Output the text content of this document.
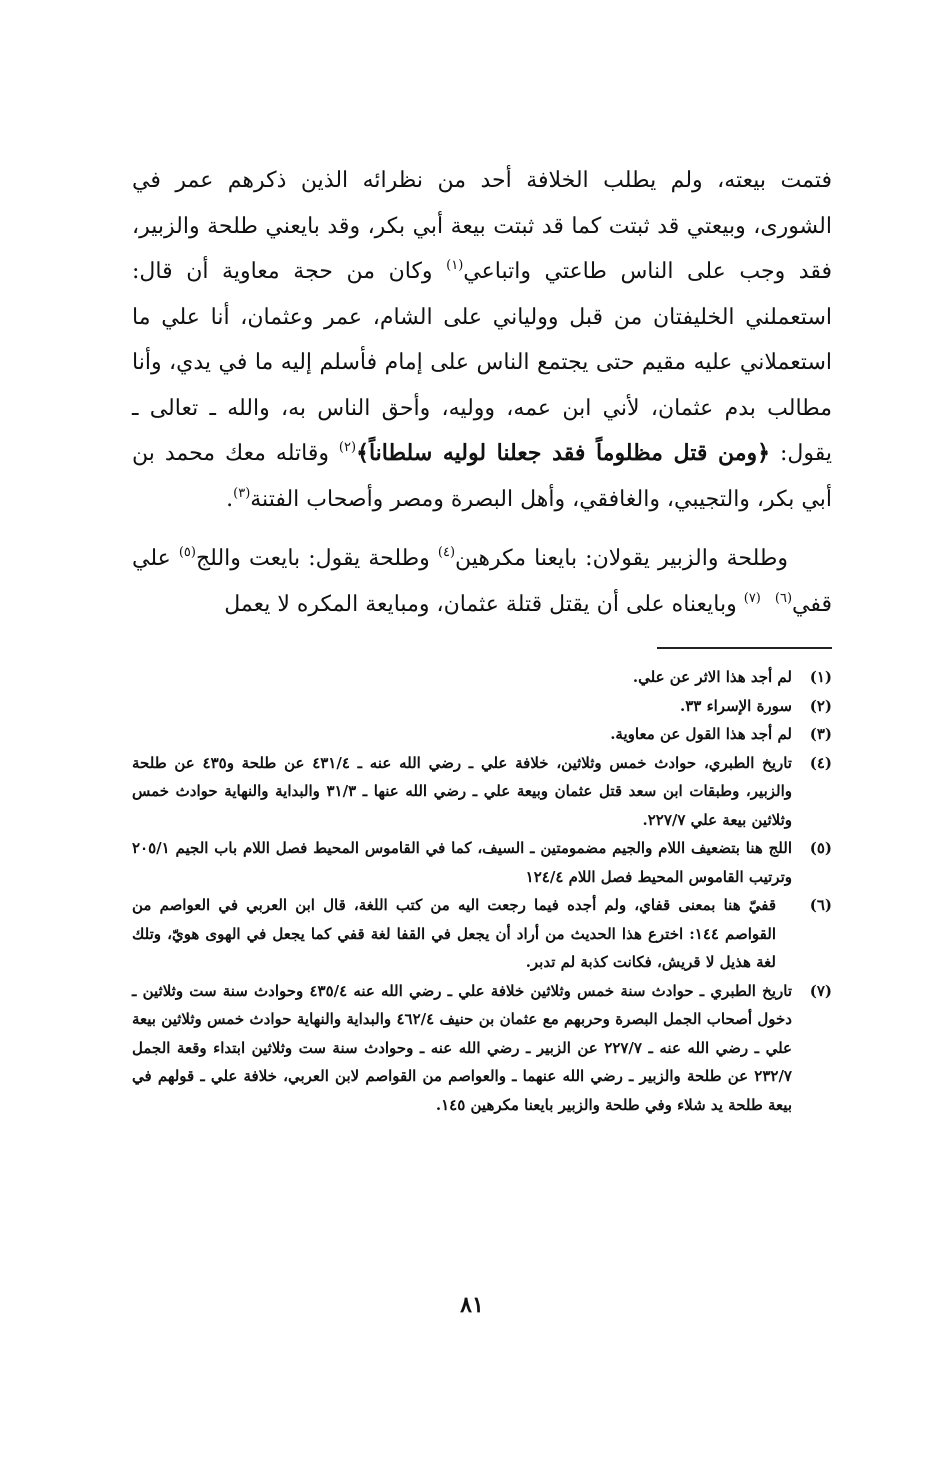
فتمت بيعته، ولم يطلب الخلافة أحد من نظرائه الذين ذكرهم عمر في الشورى، وبيعتي قد ثبتت كما قد ثبتت بيعة أبي بكر، وقد بايعني طلحة والزبير، فقد وجب على الناس طاعتي واتباعي$^{(١)}$ وكان من حجة معاوية أن قال: استعملني الخليفتان من قبل وولياني على الشام، عمر وعثمان، أنا علي ما استعملاني عليه مقيم حتى يجتمع الناس على إمام فأسلم إليه ما في يدي، وأنا مطالب بدم عثمان، لأني ابن عمه، ووليه، وأحق الناس به، والله ـ تعالى ـ يقول: ﴿ومن قتل مظلوماً فقد جعلنا لوليه سلطاناً﴾$^{(٢)}$ وقاتله معك محمد بن أبي بكر، والتجيبي، والغافقي، وأهل البصرة ومصر وأصحاب الفتنة$^{(٣)}$.

وطلحة والزبير يقولان: بايعنا مكرهين$^{(٤)}$ وطلحة يقول: بايعت واللج$^{(٥)}$ علي قفي$^{(٦)}$  $^{(٧)}$ وبايعناه على أن يقتل قتلة عثمان، ومبايعة المكره لا يعمل

(١)
لم أجد هذا الاثر عن علي.
(٢)
سورة الإسراء ٣٣.
(٣)
لم أجد هذا القول عن معاوية.
(٤)
تاريخ الطبري، حوادث خمس وثلاثين، خلافة علي ـ رضي الله عنه ـ ٤٣١/٤ عن طلحة و٤٣٥ عن طلحة والزبير، وطبقات ابن سعد قتل عثمان وبيعة علي ـ رضي الله عنها ـ ٣١/٣ والبداية والنهاية حوادث خمس وثلاثين بيعة علي ٢٢٧/٧.
(٥)
اللج هنا بتضعيف اللام والجيم مضمومتين ـ السيف، كما في القاموس المحيط فصل اللام باب الجيم ٢٠٥/١ وترتيب القاموس المحيط فصل اللام ١٢٤/٤
(٦)
قفيّ هنا بمعنى قفاي، ولم أجده فيما رجعت اليه من كتب اللغة، قال ابن العربي في العواصم من القواصم ١٤٤: اخترع هذا الحديث من أراد أن يجعل في القفا لغة قفي كما يجعل في الهوى هويّ، وتلك لغة هذيل لا قريش، فكانت كذبة لم تدبر.
(٧)
تاريخ الطبري ـ حوادث سنة خمس وثلاثين خلافة علي ـ رضي الله عنه ٤٣٥/٤ وحوادث سنة ست وثلاثين ـ دخول أصحاب الجمل البصرة وحربهم مع عثمان بن حنيف ٤٦٢/٤ والبداية والنهاية حوادث خمس وثلاثين بيعة علي ـ رضي الله عنه ـ ٢٢٧/٧ عن الزبير ـ رضي الله عنه ـ وحوادث سنة ست وثلاثين ابتداء وقعة الجمل ٢٣٢/٧ عن طلحة والزبير ـ رضي الله عنهما ـ والعواصم من القواصم لابن العربي، خلافة علي ـ قولهم في بيعة طلحة يد شلاء وفي طلحة والزبير بايعنا مكرهين ١٤٥.
٨١
